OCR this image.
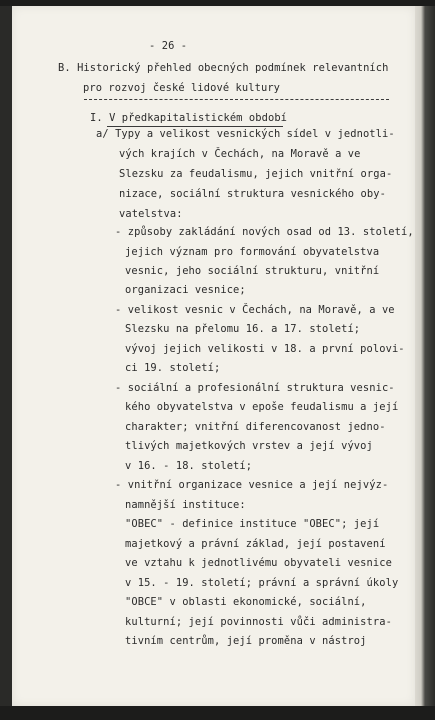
- 26 -
B. Historický přehled obecných podmínek relevantních
pro rozvoj české lidové kultury
I. V předkapitalistickém období
a/ Typy a velikost vesnických sídel v jednotli-
vých krajích v Čechách, na Moravě a ve
Slezsku za feudalismu, jejich vnitřní orga-
nizace, sociální struktura vesnického oby-
vatelstva:
- způsoby zakládání nových osad od 13. století,
jejich význam pro formování obyvatelstva
vesnic, jeho sociální strukturu, vnitřní
organizaci vesnice;
- velikost vesnic v Čechách, na Moravě, a ve
Slezsku na přelomu 16. a 17. století;
vývoj jejich velikosti v 18. a první polovi-
ci 19. století;
- sociální a profesionální struktura vesnic-
kého obyvatelstva v epoše feudalismu a její
charakter; vnitřní diferencovanost jedno-
tlivých majetkových vrstev a její vývoj
v 16. - 18. století;
- vnitřní organizace vesnice a její nejvýz-
namnější instituce:
"OBEC" - definice instituce "OBEC"; její
majetkový a právní základ, její postavení
ve vztahu k jednotlivému obyvateli vesnice
v 15. - 19. století; právní a správní úkoly
"OBCE" v oblasti ekonomické, sociální,
kulturní; její povinnosti vůči administra-
tivním centrům, její proměna v nástroj
